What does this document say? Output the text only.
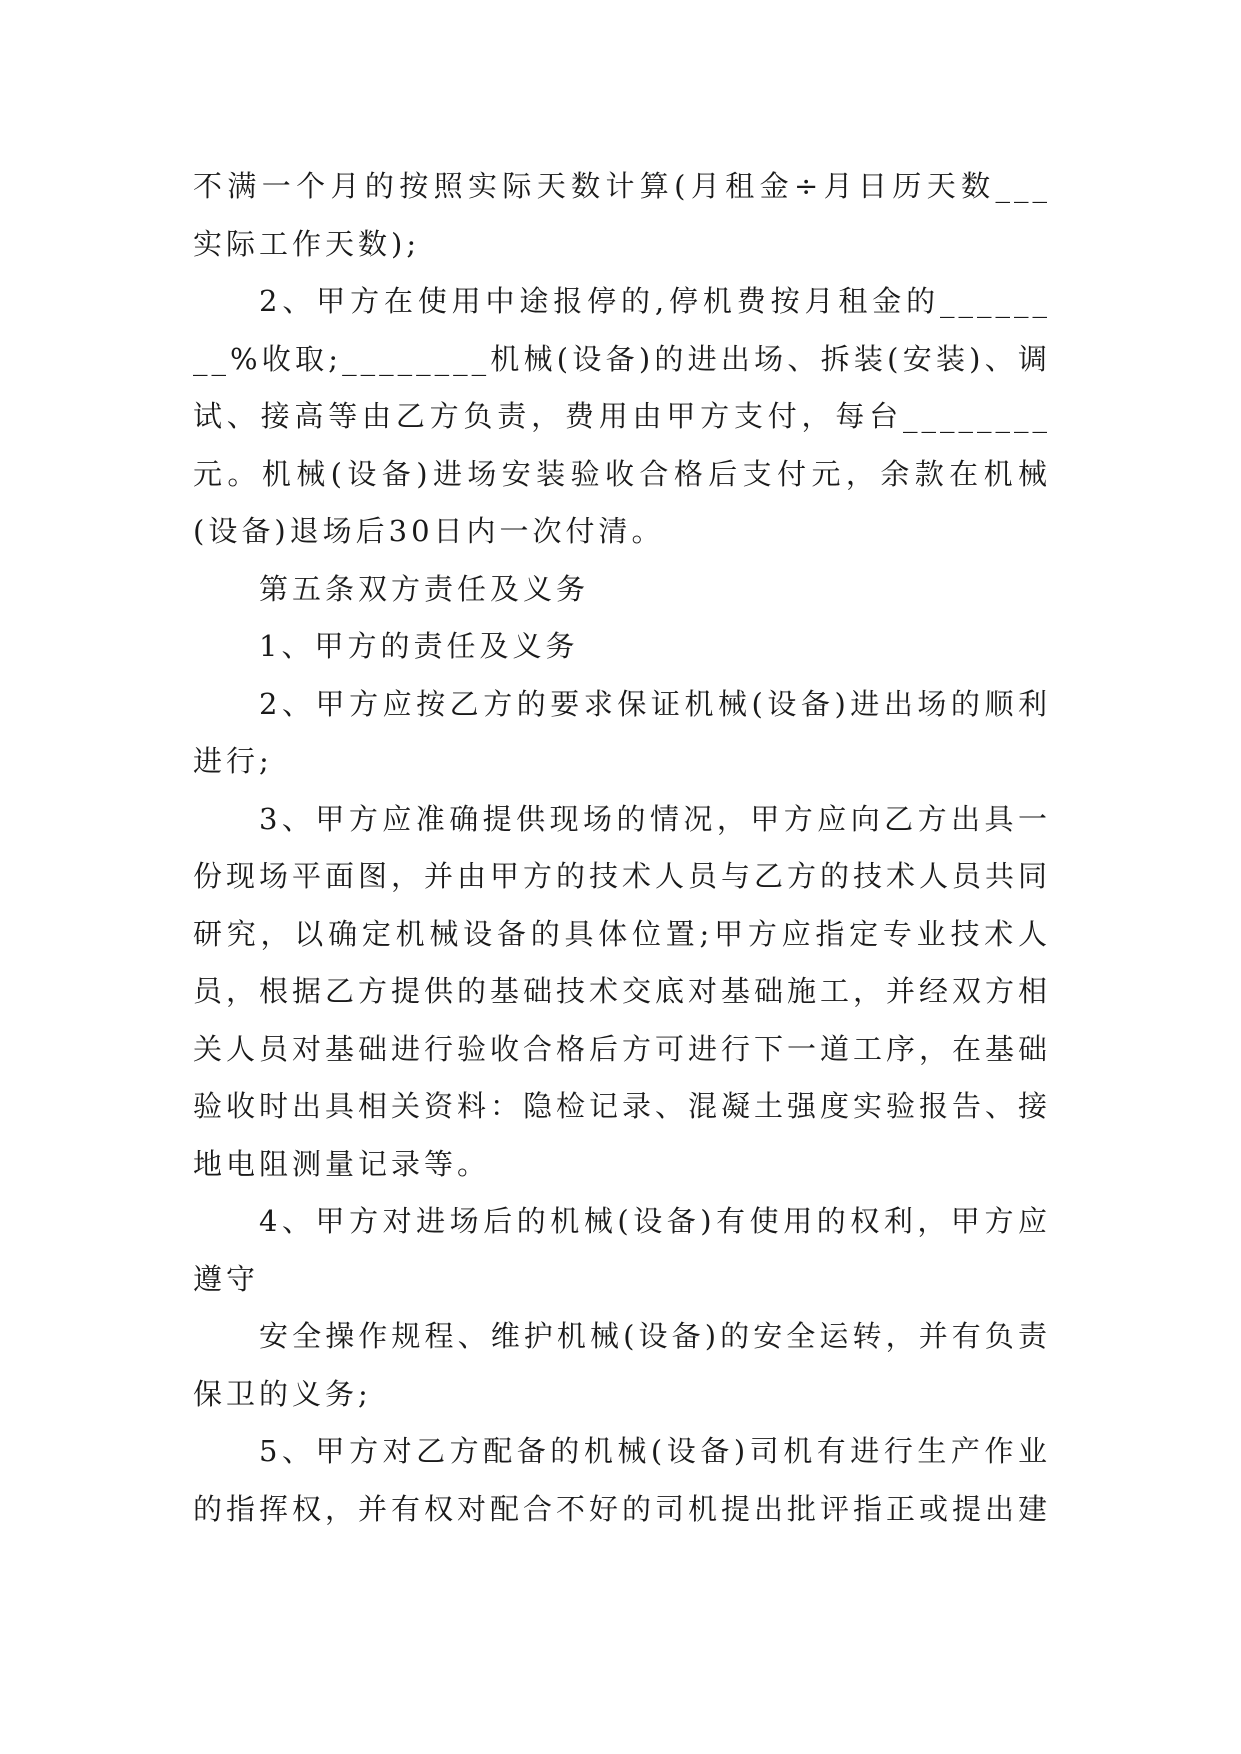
不满一个月的按照实际天数计算(月租金÷月日历天数___实际工作天数);

2、甲方在使用中途报停的,停机费按月租金的________%收取;________机械(设备)的进出场、拆装(安装)、调试、接高等由乙方负责，费用由甲方支付，每台________元。机械(设备)进场安装验收合格后支付元，余款在机械(设备)退场后30日内一次付清。

第五条双方责任及义务

1、甲方的责任及义务

2、甲方应按乙方的要求保证机械(设备)进出场的顺利进行;

3、甲方应准确提供现场的情况，甲方应向乙方出具一份现场平面图，并由甲方的技术人员与乙方的技术人员共同研究，以确定机械设备的具体位置;甲方应指定专业技术人员，根据乙方提供的基础技术交底对基础施工，并经双方相关人员对基础进行验收合格后方可进行下一道工序，在基础验收时出具相关资料：隐检记录、混凝土强度实验报告、接地电阻测量记录等。

4、甲方对进场后的机械(设备)有使用的权利，甲方应遵守

安全操作规程、维护机械(设备)的安全运转，并有负责保卫的义务;

5、甲方对乙方配备的机械(设备)司机有进行生产作业的指挥权，并有权对配合不好的司机提出批评指正或提出建
